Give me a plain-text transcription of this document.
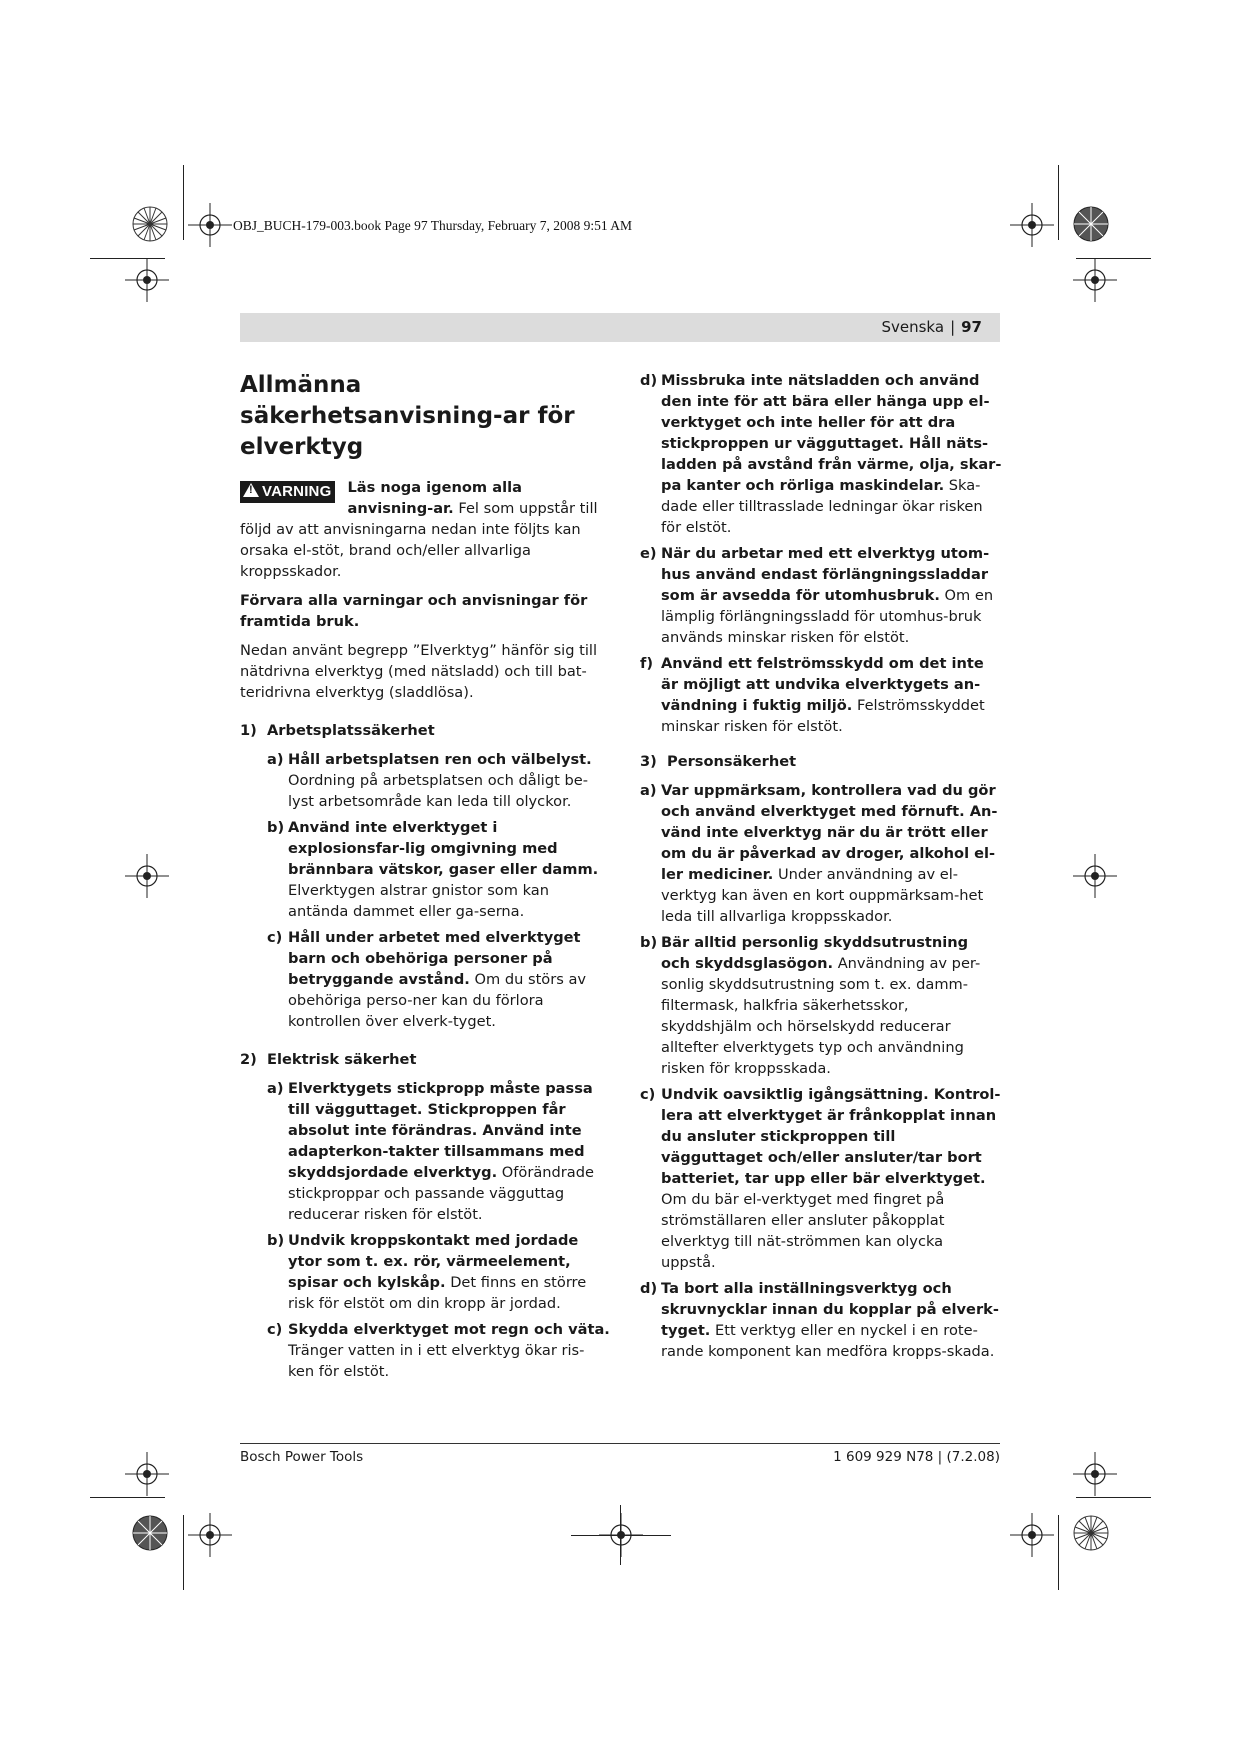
OBJ_BUCH-179-003.book Page 97 Thursday, February 7, 2008 9:51 AM
Svenska | 97
Allmänna säkerhetsanvisning-ar för elverktyg
!VARNING	Läs noga igenom alla anvisning-ar. Fel som uppstår till följd av att anvisningarna nedan inte följts kan orsaka el-stöt, brand och/eller allvarliga kroppsskador.

Förvara alla varningar och anvisningar för framtida bruk.

Nedan använt begrepp ”Elverktyg” hänför sig till nätdrivna elverktyg (med nätsladd) och till bat-teridrivna elverktyg (sladdlösa).

1) Arbetsplatssäkerhet

a) Håll arbetsplatsen ren och välbelyst. Oordning på arbetsplatsen och dåligt be-lyst arbetsområde kan leda till olyckor.

b) Använd inte elverktyget i explosionsfar-lig omgivning med brännbara vätskor, gaser eller damm. Elverktygen alstrar gnistor som kan antända dammet eller ga-serna.

c) Håll under arbetet med elverktyget barn och obehöriga personer på betryggande avstånd. Om du störs av obehöriga perso-ner kan du förlora kontrollen över elverk-tyget.

2) Elektrisk säkerhet

a) Elverktygets stickpropp måste passa till vägguttaget. Stickproppen får absolut inte förändras. Använd inte adapterkon-takter tillsammans med skyddsjordade elverktyg. Oförändrade stickproppar och passande vägguttag reducerar risken för elstöt.

b) Undvik kroppskontakt med jordade ytor som t. ex. rör, värmeelement, spisar och kylskåp. Det finns en större risk för elstöt om din kropp är jordad.

c) Skydda elverktyget mot regn och väta. Tränger vatten in i ett elverktyg ökar ris-ken för elstöt.

d) Missbruka inte nätsladden och använd den inte för att bära eller hänga upp el-verktyget och inte heller för att dra stickproppen ur vägguttaget. Håll näts-ladden på avstånd från värme, olja, skar-pa kanter och rörliga maskindelar. Ska-dade eller tilltrasslade ledningar ökar risken för elstöt.

e) När du arbetar med ett elverktyg utom-hus använd endast förlängningssladdar som är avsedda för utomhusbruk. Om en lämplig förlängningssladd för utomhus-bruk används minskar risken för elstöt.

f) Använd ett felströmsskydd om det inte är möjligt att undvika elverktygets an-vändning i fuktig miljö. Felströmsskyddet minskar risken för elstöt.

3) Personsäkerhet

a) Var uppmärksam, kontrollera vad du gör och använd elverktyget med förnuft. An-vänd inte elverktyg när du är trött eller om du är påverkad av droger, alkohol el-ler mediciner. Under användning av el-verktyg kan även en kort ouppmärksam-het leda till allvarliga kroppsskador.

b) Bär alltid personlig skyddsutrustning och skyddsglasögon. Användning av per-sonlig skyddsutrustning som t. ex. damm-filtermask, halkfria säkerhetsskor, skyddshjälm och hörselskydd reducerar alltefter elverktygets typ och användning risken för kroppsskada.

c) Undvik oavsiktlig igångsättning. Kontrol-lera att elverktyget är frånkopplat innan du ansluter stickproppen till vägguttaget och/eller ansluter/tar bort batteriet, tar upp eller bär elverktyget. Om du bär el-verktyget med fingret på strömställaren eller ansluter påkopplat elverktyg till nät-strömmen kan olycka uppstå.

d) Ta bort alla inställningsverktyg och skruvnycklar innan du kopplar på elverk-tyget. Ett verktyg eller en nyckel i en rote-rande komponent kan medföra kropps-skada.

Bosch Power Tools	1 609 929 N78 | (7.2.08)
